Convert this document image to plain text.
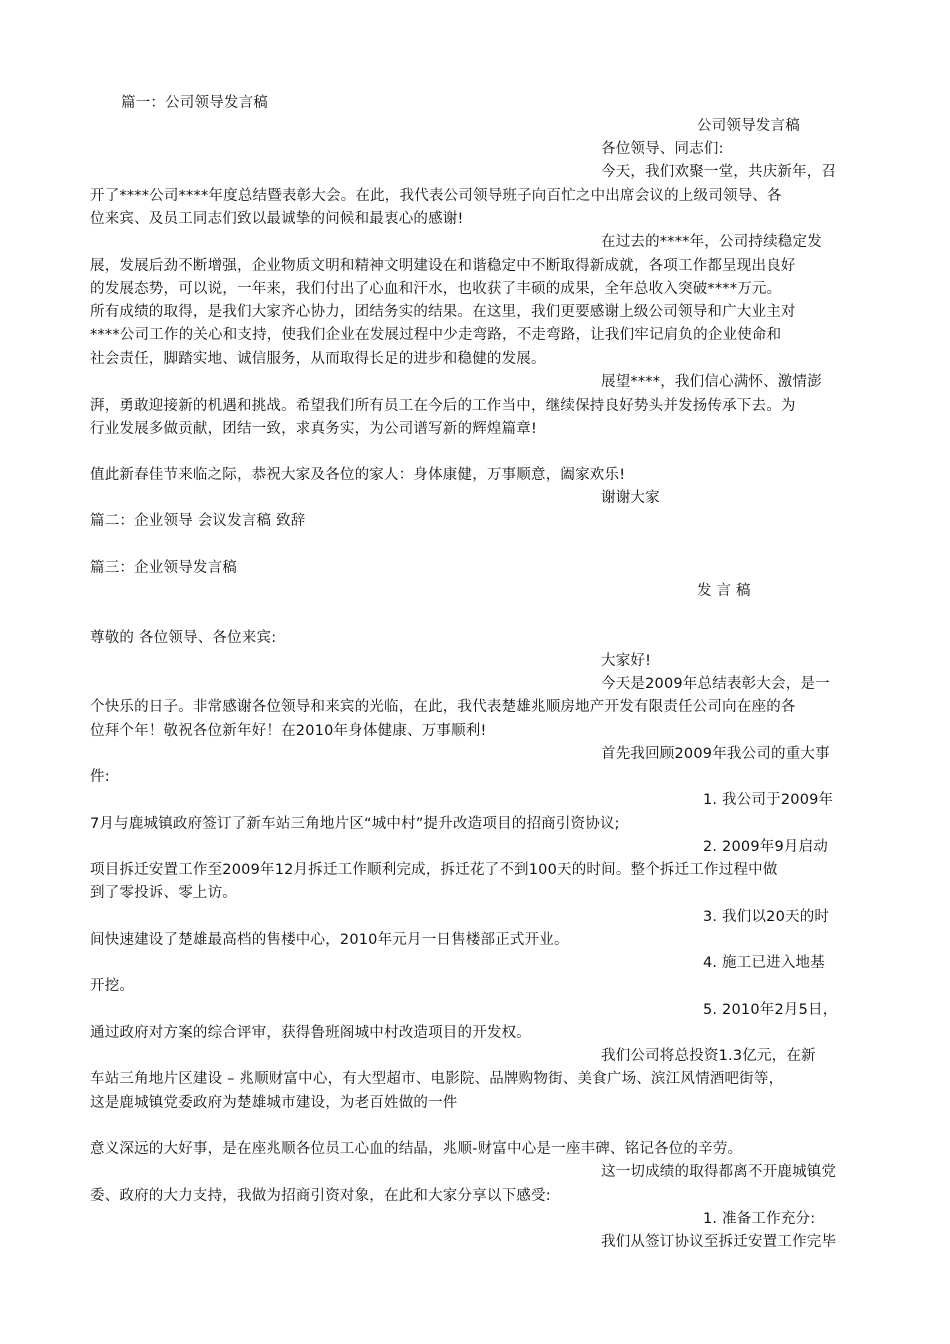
篇一：公司领导发言稿
公司领导发言稿
各位领导、同志们:
今天，我们欢聚一堂，共庆新年，召
开了****公司****年度总结暨表彰大会。在此，我代表公司领导班子向百忙之中出席会议的上级司领导、各
位来宾、及员工同志们致以最诚挚的问候和最衷心的感谢!
在过去的****年，公司持续稳定发
展，发展后劲不断增强，企业物质文明和精神文明建设在和谐稳定中不断取得新成就，各项工作都呈现出良好
的发展态势，可以说，一年来，我们付出了心血和汗水，也收获了丰硕的成果，全年总收入突破****万元。
所有成绩的取得，是我们大家齐心协力，团结务实的结果。在这里，我们更要感谢上级公司领导和广大业主对
****公司工作的关心和支持，使我们企业在发展过程中少走弯路，不走弯路，让我们牢记肩负的企业使命和
社会责任，脚踏实地、诚信服务，从而取得长足的进步和稳健的发展。
展望****，我们信心满怀、激情澎
湃，勇敢迎接新的机遇和挑战。希望我们所有员工在今后的工作当中，继续保持良好势头并发扬传承下去。为
行业发展多做贡献，团结一致，求真务实，为公司谱写新的辉煌篇章!
值此新春佳节来临之际，恭祝大家及各位的家人：身体康健，万事顺意，阖家欢乐!
谢谢大家
篇二：企业领导 会议发言稿 致辞
篇三：企业领导发言稿
发 言 稿
尊敬的 各位领导、各位来宾:
大家好!
今天是2009年总结表彰大会，是一
个快乐的日子。非常感谢各位领导和来宾的光临，在此，我代表楚雄兆顺房地产开发有限责任公司向在座的各
位拜个年！敬祝各位新年好！在2010年身体健康、万事顺利!
首先我回顾2009年我公司的重大事
件:
1. 我公司于2009年
7月与鹿城镇政府签订了新车站三角地片区“城中村”提升改造项目的招商引资协议;
2. 2009年9月启动
项目拆迁安置工作至2009年12月拆迁工作顺利完成，拆迁花了不到100天的时间。整个拆迁工作过程中做
到了零投诉、零上访。
3. 我们以20天的时
间快速建设了楚雄最高档的售楼中心，2010年元月一日售楼部正式开业。
4. 施工已进入地基
开挖。
5. 2010年2月5日，
通过政府对方案的综合评审，获得鲁班阁城中村改造项目的开发权。
我们公司将总投资1.3亿元，在新
车站三角地片区建设 – 兆顺财富中心，有大型超市、电影院、品牌购物街、美食广场、滨江风情酒吧街等，
这是鹿城镇党委政府为楚雄城市建设，为老百姓做的一件
意义深远的大好事，是在座兆顺各位员工心血的结晶，兆顺-财富中心是一座丰碑、铭记各位的辛劳。
这一切成绩的取得都离不开鹿城镇党
委、政府的大力支持，我做为招商引资对象，在此和大家分享以下感受:
1. 准备工作充分:
我们从签订协议至拆迁安置工作完毕
